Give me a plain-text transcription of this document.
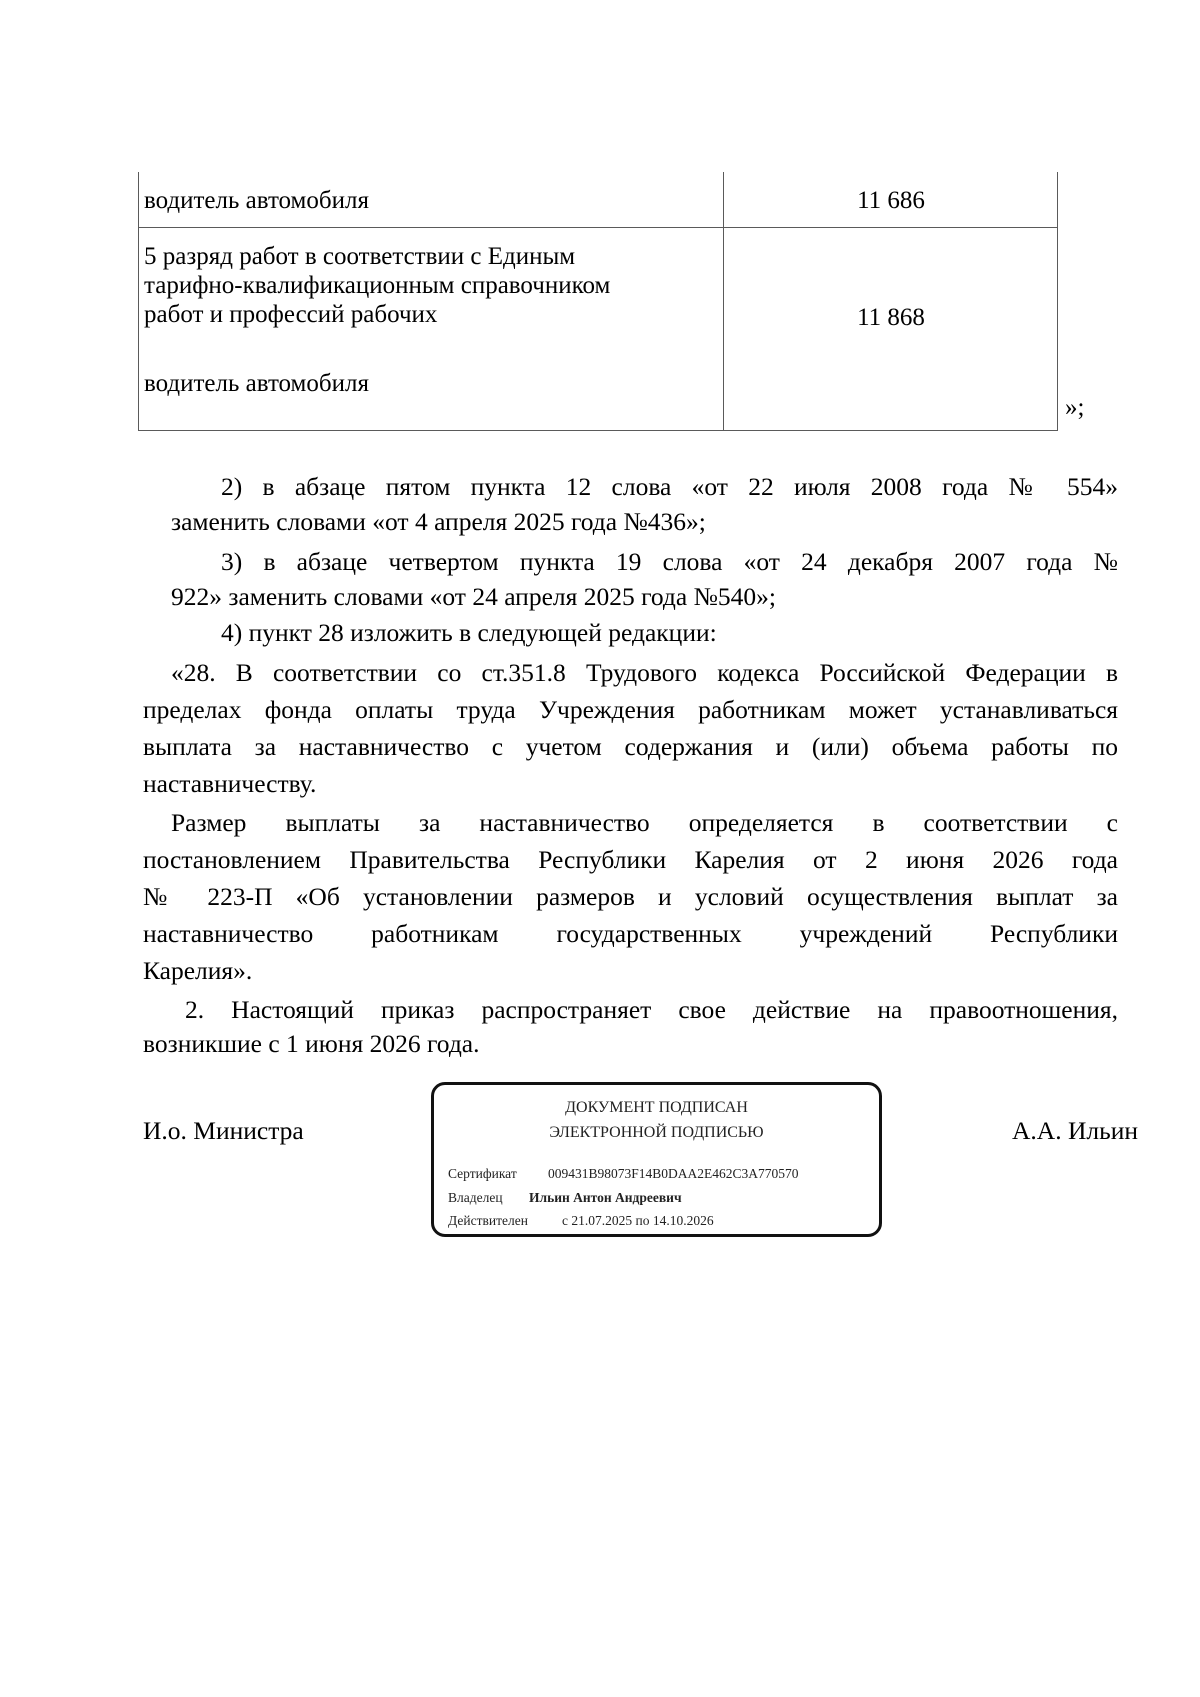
водитель автомобиля	11 686
5 разряд работ в соответствии с Единым
тарифно-квалификационным справочником
работ и профессий рабочих
водитель автомобиля
11 868
»;
2) в абзаце пятом пункта 12 слова «от 22 июля 2008 года № 554»
заменить словами «от 4 апреля 2025 года №436»;
3) в абзаце четвертом пункта 19 слова «от 24 декабря 2007 года №
922» заменить словами «от 24 апреля 2025 года №540»;
4) пункт 28 изложить в следующей редакции:
«28. В соответствии со ст.351.8 Трудового кодекса Российской Федерации в
пределах фонда оплаты труда Учреждения работникам может устанавливаться
выплата за наставничество с учетом содержания и (или) объема работы по
наставничеству.
Размер выплаты за наставничество определяется в соответствии с
постановлением Правительства Республики Карелия от 2 июня 2026 года
№ 223-П «Об установлении размеров и условий осуществления выплат за
наставничество работникам государственных учреждений Республики
Карелия».
2. Настоящий приказ распространяет свое действие на правоотношения,
возникшие с 1 июня 2026 года.
И.о. Министра
ДОКУМЕНТ ПОДПИСАН
ЭЛЕКТРОННОЙ ПОДПИСЬЮ
Сертификат 009431B98073F14B0DAA2E462C3A770570
Владелец Ильин Антон Андреевич
Действителен	с 21.07.2025 по 14.10.2026
А.А. Ильин
